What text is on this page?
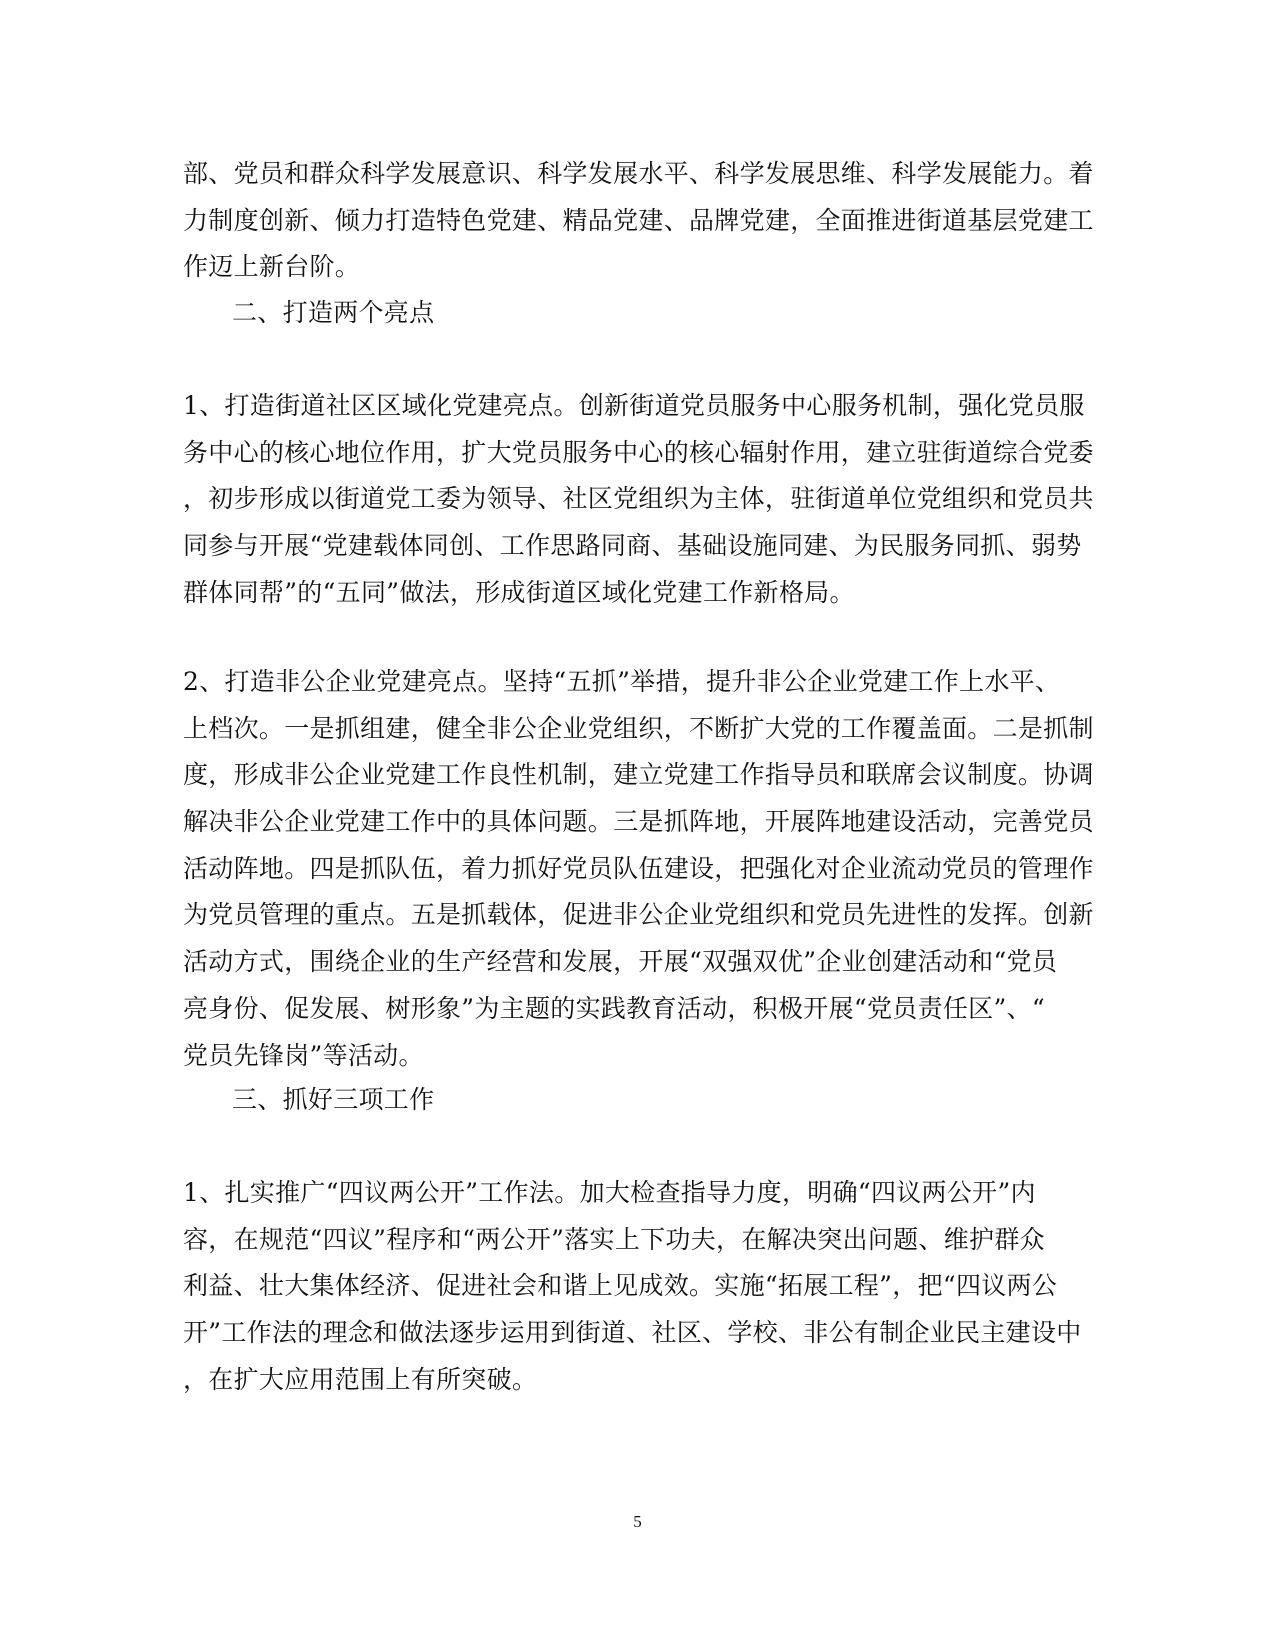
部、党员和群众科学发展意识、科学发展水平、科学发展思维、科学发展能力。着
力制度创新、倾力打造特色党建、精品党建、品牌党建，全面推进街道基层党建工
作迈上新台阶。
二、打造两个亮点
1、打造街道社区区域化党建亮点。创新街道党员服务中心服务机制，强化党员服
务中心的核心地位作用，扩大党员服务中心的核心辐射作用，建立驻街道综合党委
，初步形成以街道党工委为领导、社区党组织为主体，驻街道单位党组织和党员共
同参与开展“党建载体同创、工作思路同商、基础设施同建、为民服务同抓、弱势
群体同帮”的“五同”做法，形成街道区域化党建工作新格局。
2、打造非公企业党建亮点。坚持“五抓”举措，提升非公企业党建工作上水平、
上档次。一是抓组建，健全非公企业党组织，不断扩大党的工作覆盖面。二是抓制
度，形成非公企业党建工作良性机制，建立党建工作指导员和联席会议制度。协调
解决非公企业党建工作中的具体问题。三是抓阵地，开展阵地建设活动，完善党员
活动阵地。四是抓队伍，着力抓好党员队伍建设，把强化对企业流动党员的管理作
为党员管理的重点。五是抓载体，促进非公企业党组织和党员先进性的发挥。创新
活动方式，围绕企业的生产经营和发展，开展“双强双优”企业创建活动和“党员
亮身份、促发展、树形象”为主题的实践教育活动，积极开展“党员责任区”、“
党员先锋岗”等活动。
三、抓好三项工作
1、扎实推广“四议两公开”工作法。加大检查指导力度，明确“四议两公开”内
容，在规范“四议”程序和“两公开”落实上下功夫，在解决突出问题、维护群众
利益、壮大集体经济、促进社会和谐上见成效。实施“拓展工程”，把“四议两公
开”工作法的理念和做法逐步运用到街道、社区、学校、非公有制企业民主建设中
，在扩大应用范围上有所突破。
5
